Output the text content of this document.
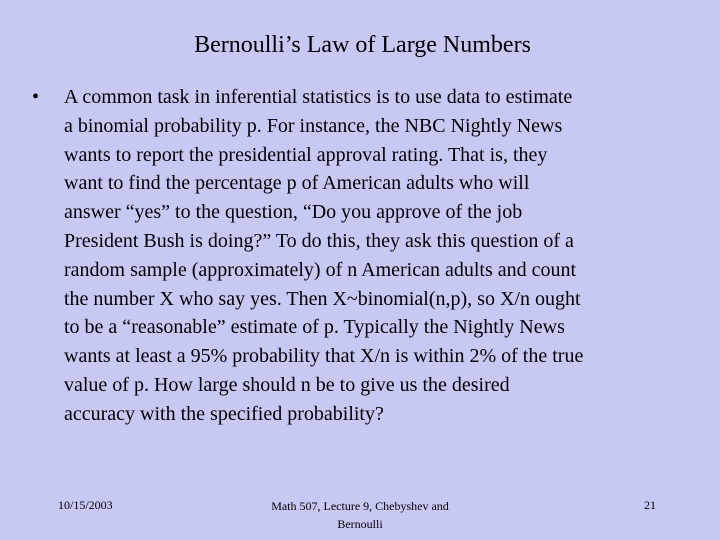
Bernoulli’s Law of Large Numbers
• A common task in inferential statistics is to use data to estimate
a binomial probability p. For instance, the NBC Nightly News
wants to report the presidential approval rating. That is, they
want to find the percentage p of American adults who will
answer “yes” to the question, “Do you approve of the job
President Bush is doing?” To do this, they ask this question of a
random sample (approximately) of n American adults and count
the number X who say yes. Then X~binomial(n,p), so X/n ought
to be a “reasonable” estimate of p. Typically the Nightly News
wants at least a 95% probability that X/n is within 2% of the true
value of p. How large should n be to give us the desired
accuracy with the specified probability?
10/15/2003	Math 507, Lecture 9, Chebyshev and
Bernoulli
21
